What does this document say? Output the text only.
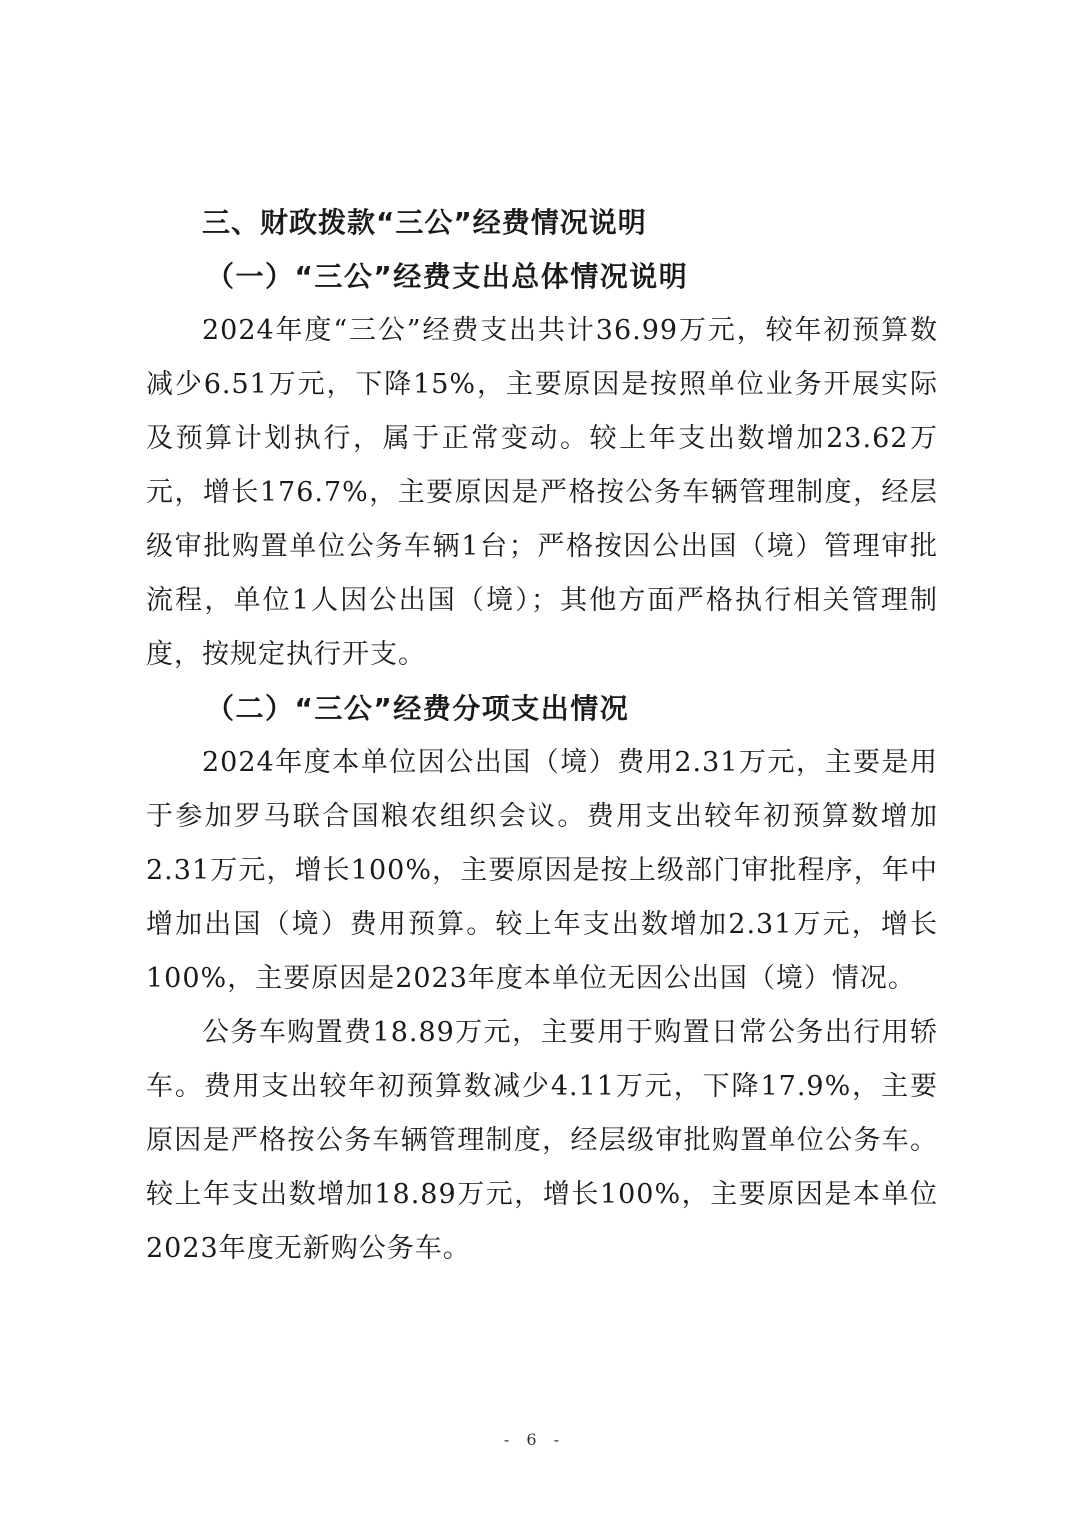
三、财政拨款“三公”经费情况说明
（一）“三公”经费支出总体情况说明

2024年度“三公”经费支出共计36.99万元，较年初预算数减少6.51万元，下降15%，主要原因是按照单位业务开展实际及预算计划执行，属于正常变动。较上年支出数增加23.62万元，增长176.7%，主要原因是严格按公务车辆管理制度，经层级审批购置单位公务车辆1台；严格按因公出国（境）管理审批流程，单位1人因公出国（境）；其他方面严格执行相关管理制度，按规定执行开支。

（二）“三公”经费分项支出情况

2024年度本单位因公出国（境）费用2.31万元，主要是用于参加罗马联合国粮农组织会议。费用支出较年初预算数增加2.31万元，增长100%，主要原因是按上级部门审批程序，年中增加出国（境）费用预算。较上年支出数增加2.31万元，增长100%，主要原因是2023年度本单位无因公出国（境）情况。

公务车购置费18.89万元，主要用于购置日常公务出行用轿车。费用支出较年初预算数减少4.11万元，下降17.9%，主要原因是严格按公务车辆管理制度，经层级审批购置单位公务车。较上年支出数增加18.89万元，增长100%，主要原因是本单位2023年度无新购公务车。

- 6 -
